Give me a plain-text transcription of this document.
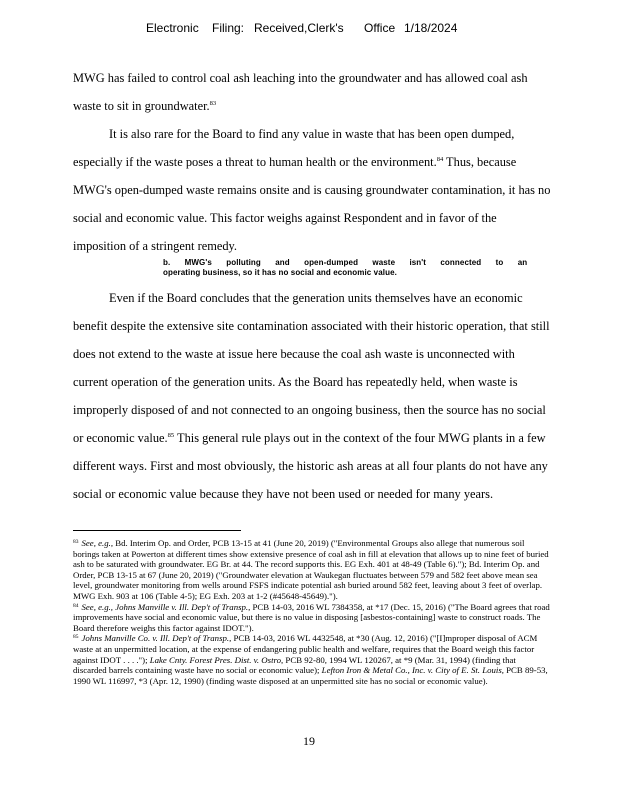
Electronic Filing: Received,Clerk's Office 1/18/2024

MWG has failed to control coal ash leaching into the groundwater and has allowed coal ash waste to sit in groundwater.$^{83}$

It is also rare for the Board to find any value in waste that has been open dumped, especially if the waste poses a threat to human health or the environment.$^{84}$ Thus, because MWG's open-dumped waste remains onsite and is causing groundwater contamination, it has no social and economic value. This factor weighs against Respondent and in favor of the imposition of a stringent remedy.

b. MWG's polluting and open-dumped waste isn't connected to an
operating business, so it has no social and economic value.

Even if the Board concludes that the generation units themselves have an economic benefit despite the extensive site contamination associated with their historic operation, that still does not extend to the waste at issue here because the coal ash waste is unconnected with current operation of the generation units. As the Board has repeatedly held, when waste is improperly disposed of and not connected to an ongoing business, then the source has no social or economic value.$^{85}$ This general rule plays out in the context of the four MWG plants in a few different ways. First and most obviously, the historic ash areas at all four plants do not have any social or economic value because they have not been used or needed for many years.

$^{83}$ See, e.g., Bd. Interim Op. and Order, PCB 13-15 at 41 (June 20, 2019) ("Environmental Groups also allege that numerous soil borings taken at Powerton at different times show extensive presence of coal ash in fill at elevation that allows up to nine feet of buried ash to be saturated with groundwater. EG Br. at 44. The record supports this. EG Exh. 401 at 48-49 (Table 6)."); Bd. Interim Op. and Order, PCB 13-15 at 67 (June 20, 2019) ("Groundwater elevation at Waukegan fluctuates between 579 and 582 feet above mean sea level, groundwater monitoring from wells around FSFS indicate potential ash buried around 582 feet, leaving about 3 feet of overlap. MWG Exh. 903 at 106 (Table 4-5); EG Exh. 203 at 1-2 (#45648-45649).").

$^{84}$ See, e.g., Johns Manville v. Ill. Dep't of Transp., PCB 14-03, 2016 WL 7384358, at *17 (Dec. 15, 2016) ("The Board agrees that road improvements have social and economic value, but there is no value in disposing [asbestos-containing] waste to construct roads. The Board therefore weighs this factor against IDOT.").

$^{85}$ Johns Manville Co. v. Ill. Dep't of Transp., PCB 14-03, 2016 WL 4432548, at *30 (Aug. 12, 2016) ("[I]mproper disposal of ACM waste at an unpermitted location, at the expense of endangering public health and welfare, requires that the Board weigh this factor against IDOT . . . ."); Lake Cnty. Forest Pres. Dist. v. Ostro, PCB 92-80, 1994 WL 120267, at *9 (Mar. 31, 1994) (finding that discarded barrels containing waste have no social or economic value); Lefton Iron & Metal Co., Inc. v. City of E. St. Louis, PCB 89-53, 1990 WL 116997, *3 (Apr. 12, 1990) (finding waste disposed at an unpermitted site has no social or economic value).

19
